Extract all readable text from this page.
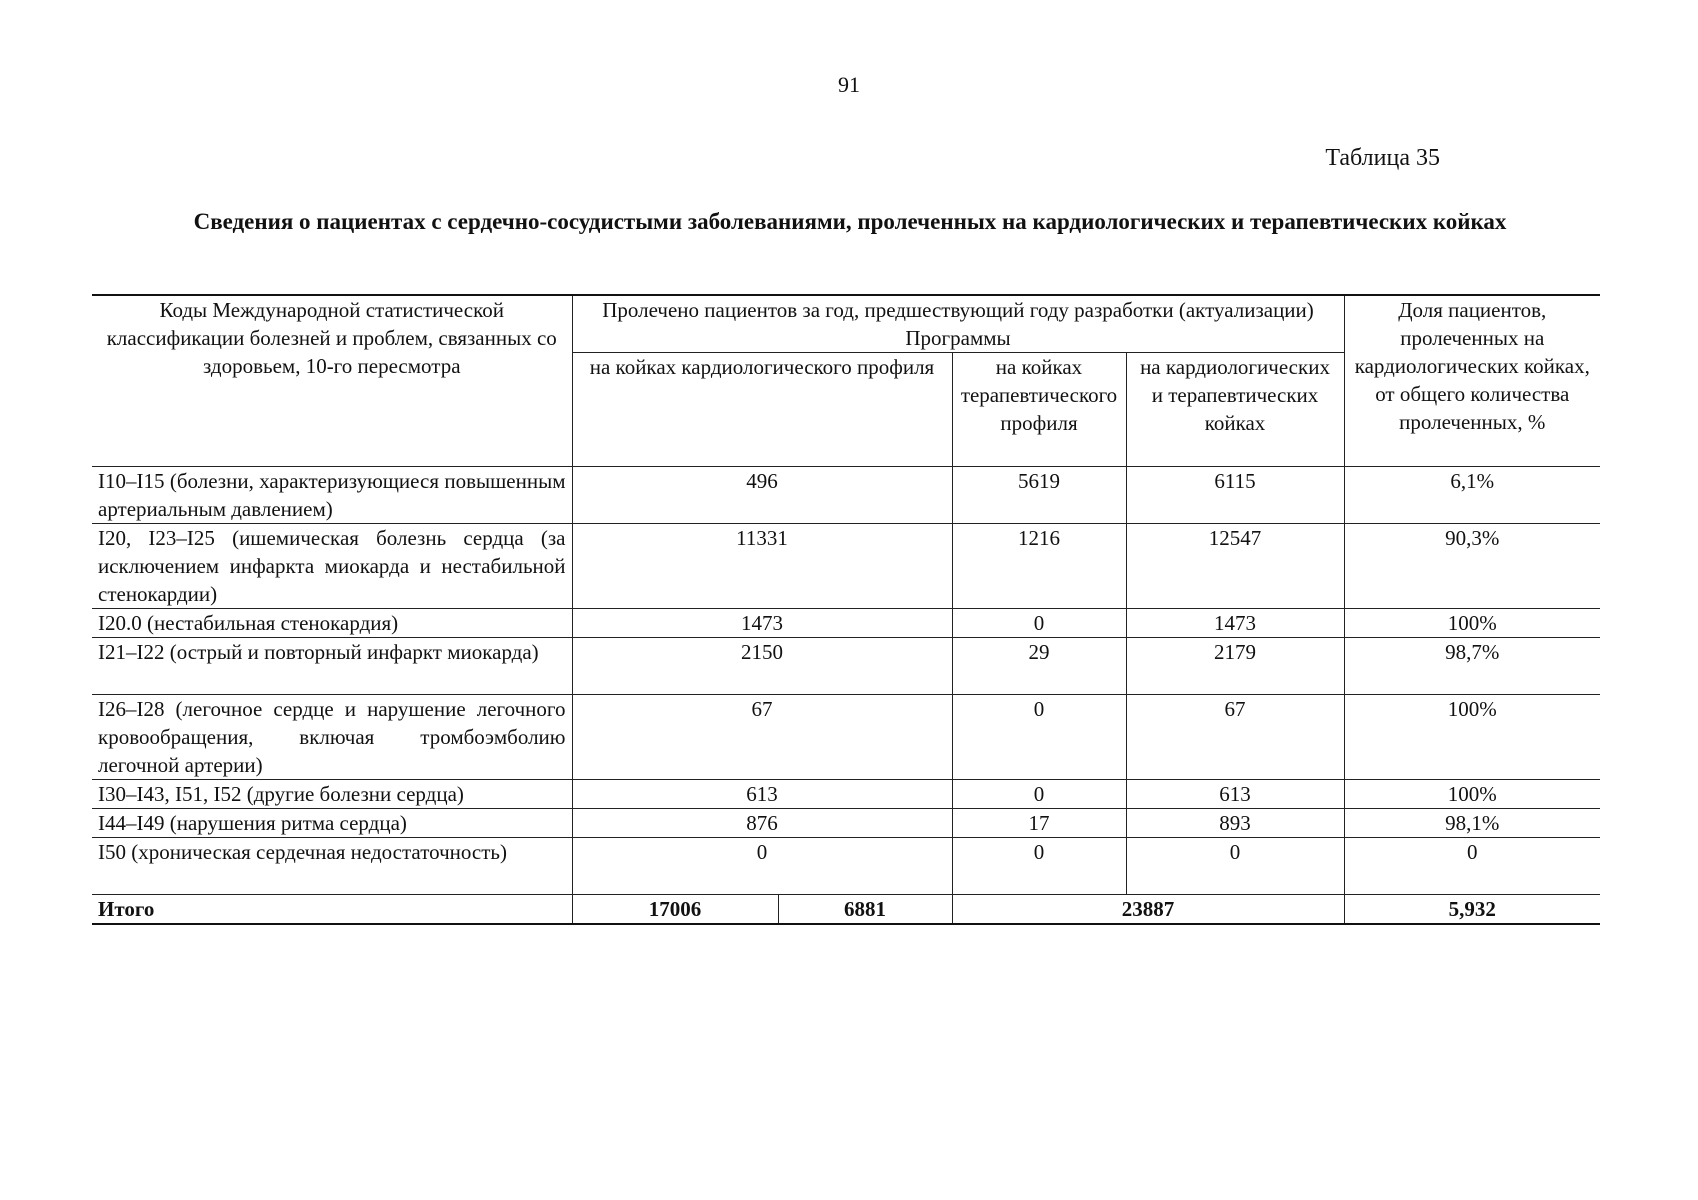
91
Таблица 35
Сведения о пациентах с сердечно-сосудистыми заболеваниями, пролеченных на кардиологических и терапевтических койках
Коды Международной статистической классификации болезней и проблем, связанных со здоровьем, 10-го пересмотра	Пролечено пациентов за год, предшествующий году разработки (актуализации) Программы				Доля пациентов, пролеченных на кардиологических койках, от общего количества пролеченных, %
	на койках кардиологического профиля		на койках терапевтического профиля	на кардиологических и терапевтических койках	
I10–I15 (болезни, характеризующиеся повышенным артериальным давлением)	496		5619	6115	6,1%
I20, I23–I25 (ишемическая болезнь сердца (за исключением инфаркта миокарда и нестабильной стенокардии)	11331		1216	12547	90,3%
I20.0 (нестабильная стенокардия)	1473		0	1473	100%
I21–I22 (острый и повторный инфаркт миокарда)	2150		29	2179	98,7%
I26–I28 (легочное сердце и нарушение легочного кровообращения, включая тромбоэмболию легочной артерии)	67		0	67	100%
I30–I43, I51, I52 (другие болезни сердца)	613		0	613	100%
I44–I49 (нарушения ритма сердца)	876		17	893	98,1%
I50 (хроническая сердечная недостаточность)	0		0	0	0
Итого	17006	6881	23887		5,932
